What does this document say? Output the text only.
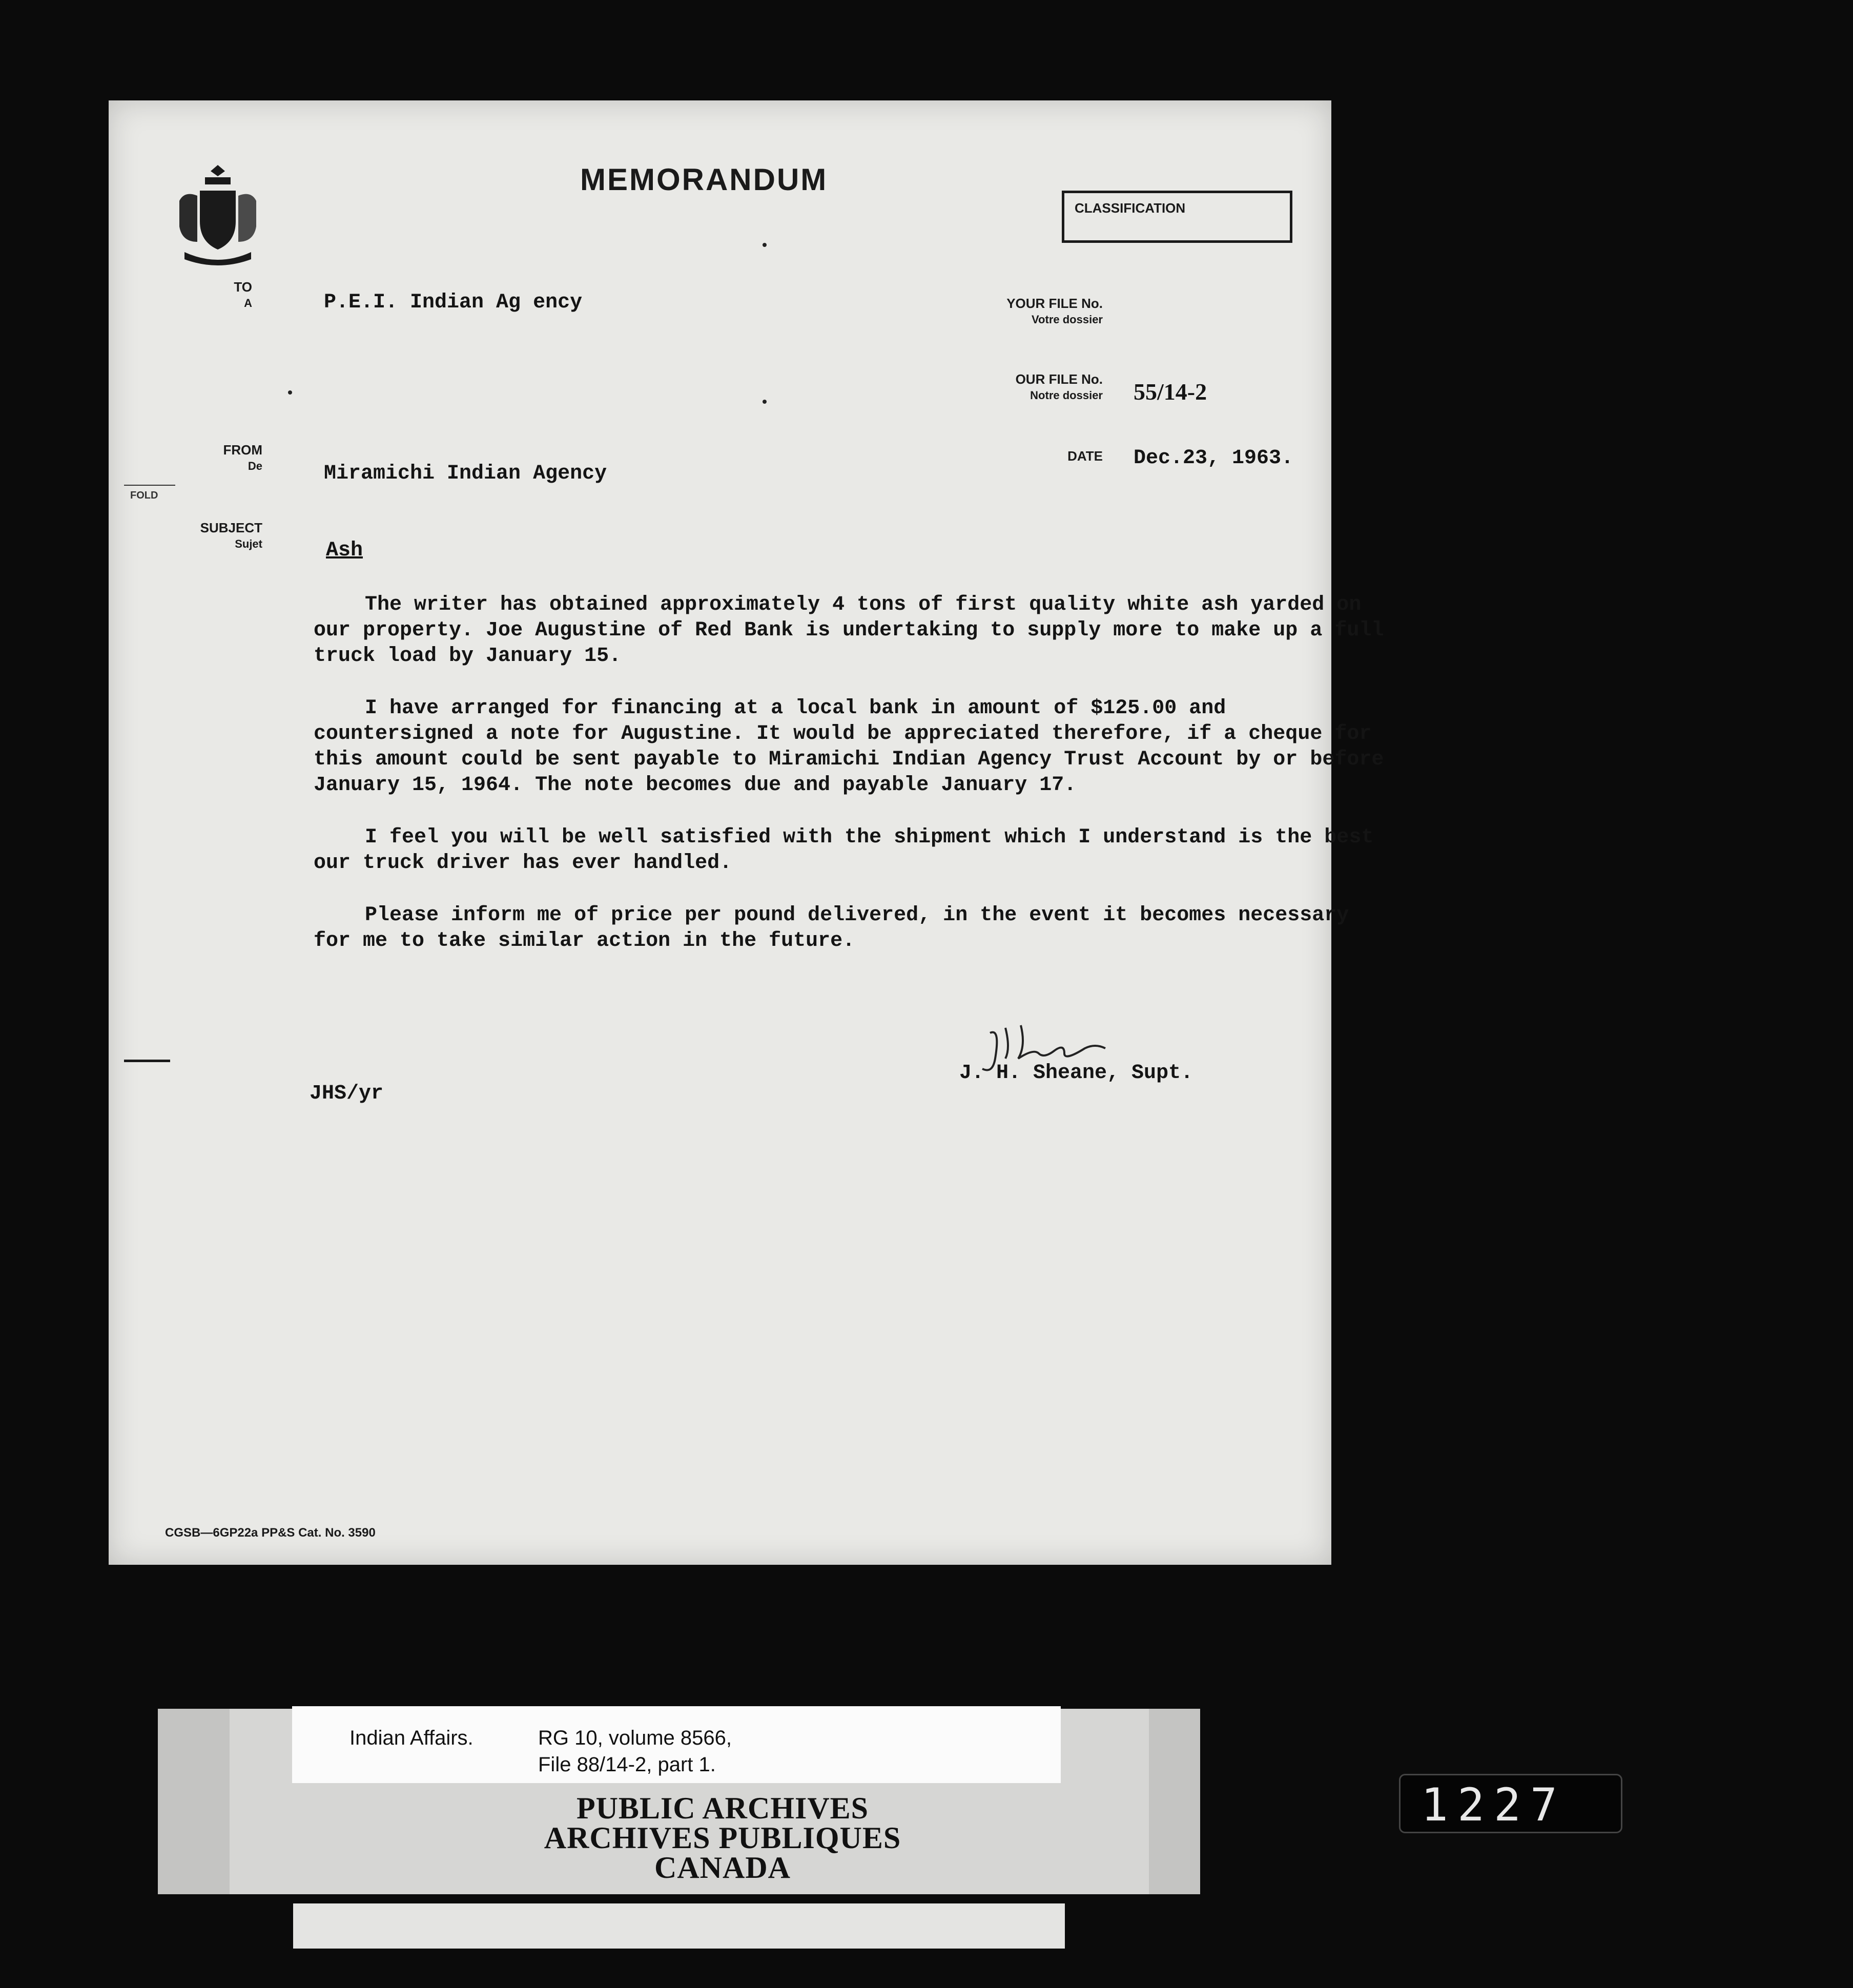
MEMORANDUM
CLASSIFICATION
TO
A
FROM
De
SUBJECT
Sujet
YOUR FILE No.
Votre dossier
OUR FILE No.
Notre dossier
DATE
P.E.I. Indian Ag ency
55/14-2
Dec.23, 1963.
Miramichi Indian Agency
Ash
FOLD

The writer has obtained approximately 4 tons of first quality white ash yarded on our property. Joe Augustine of Red Bank is undertaking to supply more to make up a full truck load by January 15.

I have arranged for financing at a local bank in amount of $125.00 and countersigned a note for Augustine. It would be appreciated therefore, if a cheque for this amount could be sent payable to Miramichi Indian Agency Trust Account by or before January 15, 1964. The note becomes due and payable January 17.

I feel you will be well satisfied with the shipment which I understand is the best our truck driver has ever handled.

Please inform me of price per pound delivered, in the event it becomes necessary for me to take similar action in the future.

J. H. Sheane, Supt.
JHS/yr
CGSB—6GP22a PP&S Cat. No. 3590
Indian Affairs.	RG 10, volume 8566,
File 88/14-2, part 1.
PUBLIC ARCHIVES
ARCHIVES PUBLIQUES
CANADA
1227
